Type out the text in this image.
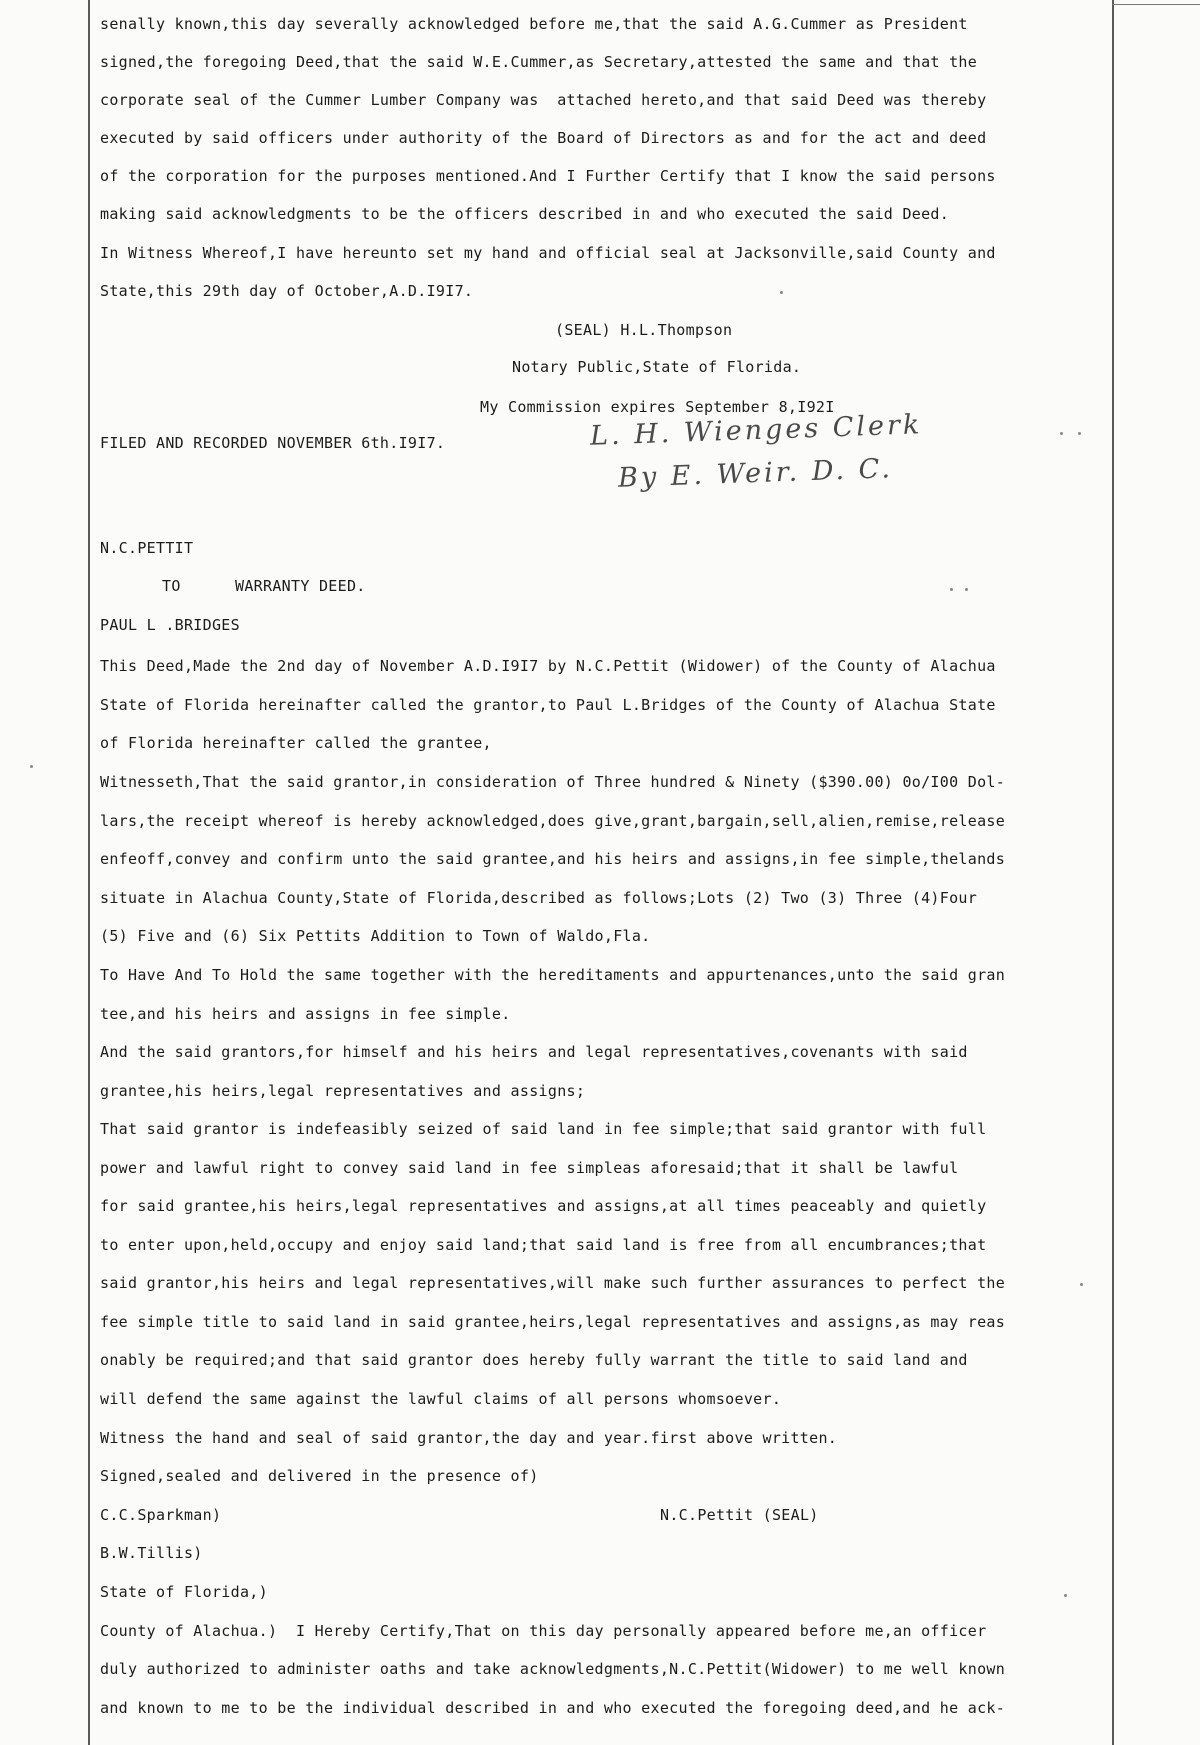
senally known,this day severally acknowledged before me,that the said A.G.Cummer as President
signed,the foregoing Deed,that the said W.E.Cummer,as Secretary,attested the same and that the
corporate seal of the Cummer Lumber Company was  attached hereto,and that said Deed was thereby
executed by said officers under authority of the Board of Directors as and for the act and deed
of the corporation for the purposes mentioned.And I Further Certify that I know the said persons
making said acknowledgments to be the officers described in and who executed the said Deed.
In Witness Whereof,I have hereunto set my hand and official seal at Jacksonville,said County and
State,this 29th day of October,A.D.I9I7.
(SEAL) H.L.Thompson
Notary Public,State of Florida.
My Commission expires September 8,I92I
FILED AND RECORDED NOVEMBER 6th.I9I7.	L. H. Wienges Clerk
By E. Weir. D. C.
N.C.PETTIT
TO	WARRANTY DEED.
PAUL L .BRIDGES
This Deed,Made the 2nd day of November A.D.I9I7 by N.C.Pettit (Widower) of the County of Alachua
State of Florida hereinafter called the grantor,to Paul L.Bridges of the County of Alachua State
of Florida hereinafter called the grantee,
Witnesseth,That the said grantor,in consideration of Three hundred & Ninety ($390.00) 0o/I00 Dol-
lars,the receipt whereof is hereby acknowledged,does give,grant,bargain,sell,alien,remise,release
enfeoff,convey and confirm unto the said grantee,and his heirs and assigns,in fee simple,thelands
situate in Alachua County,State of Florida,described as follows;Lots (2) Two (3) Three (4)Four
(5) Five and (6) Six Pettits Addition to Town of Waldo,Fla.
To Have And To Hold the same together with the hereditaments and appurtenances,unto the said gran
tee,and his heirs and assigns in fee simple.
And the said grantors,for himself and his heirs and legal representatives,covenants with said
grantee,his heirs,legal representatives and assigns;
That said grantor is indefeasibly seized of said land in fee simple;that said grantor with full
power and lawful right to convey said land in fee simpleas aforesaid;that it shall be lawful
for said grantee,his heirs,legal representatives and assigns,at all times peaceably and quietly
to enter upon,held,occupy and enjoy said land;that said land is free from all encumbrances;that
said grantor,his heirs and legal representatives,will make such further assurances to perfect the
fee simple title to said land in said grantee,heirs,legal representatives and assigns,as may reas
onably be required;and that said grantor does hereby fully warrant the title to said land and
will defend the same against the lawful claims of all persons whomsoever.
Witness the hand and seal of said grantor,the day and year.first above written.
Signed,sealed and delivered in the presence of)
C.C.Sparkman)	N.C.Pettit (SEAL)
B.W.Tillis)
State of Florida,)
County of Alachua.)  I Hereby Certify,That on this day personally appeared before me,an officer
duly authorized to administer oaths and take acknowledgments,N.C.Pettit(Widower) to me well known
and known to me to be the individual described in and who executed the foregoing deed,and he ack-
